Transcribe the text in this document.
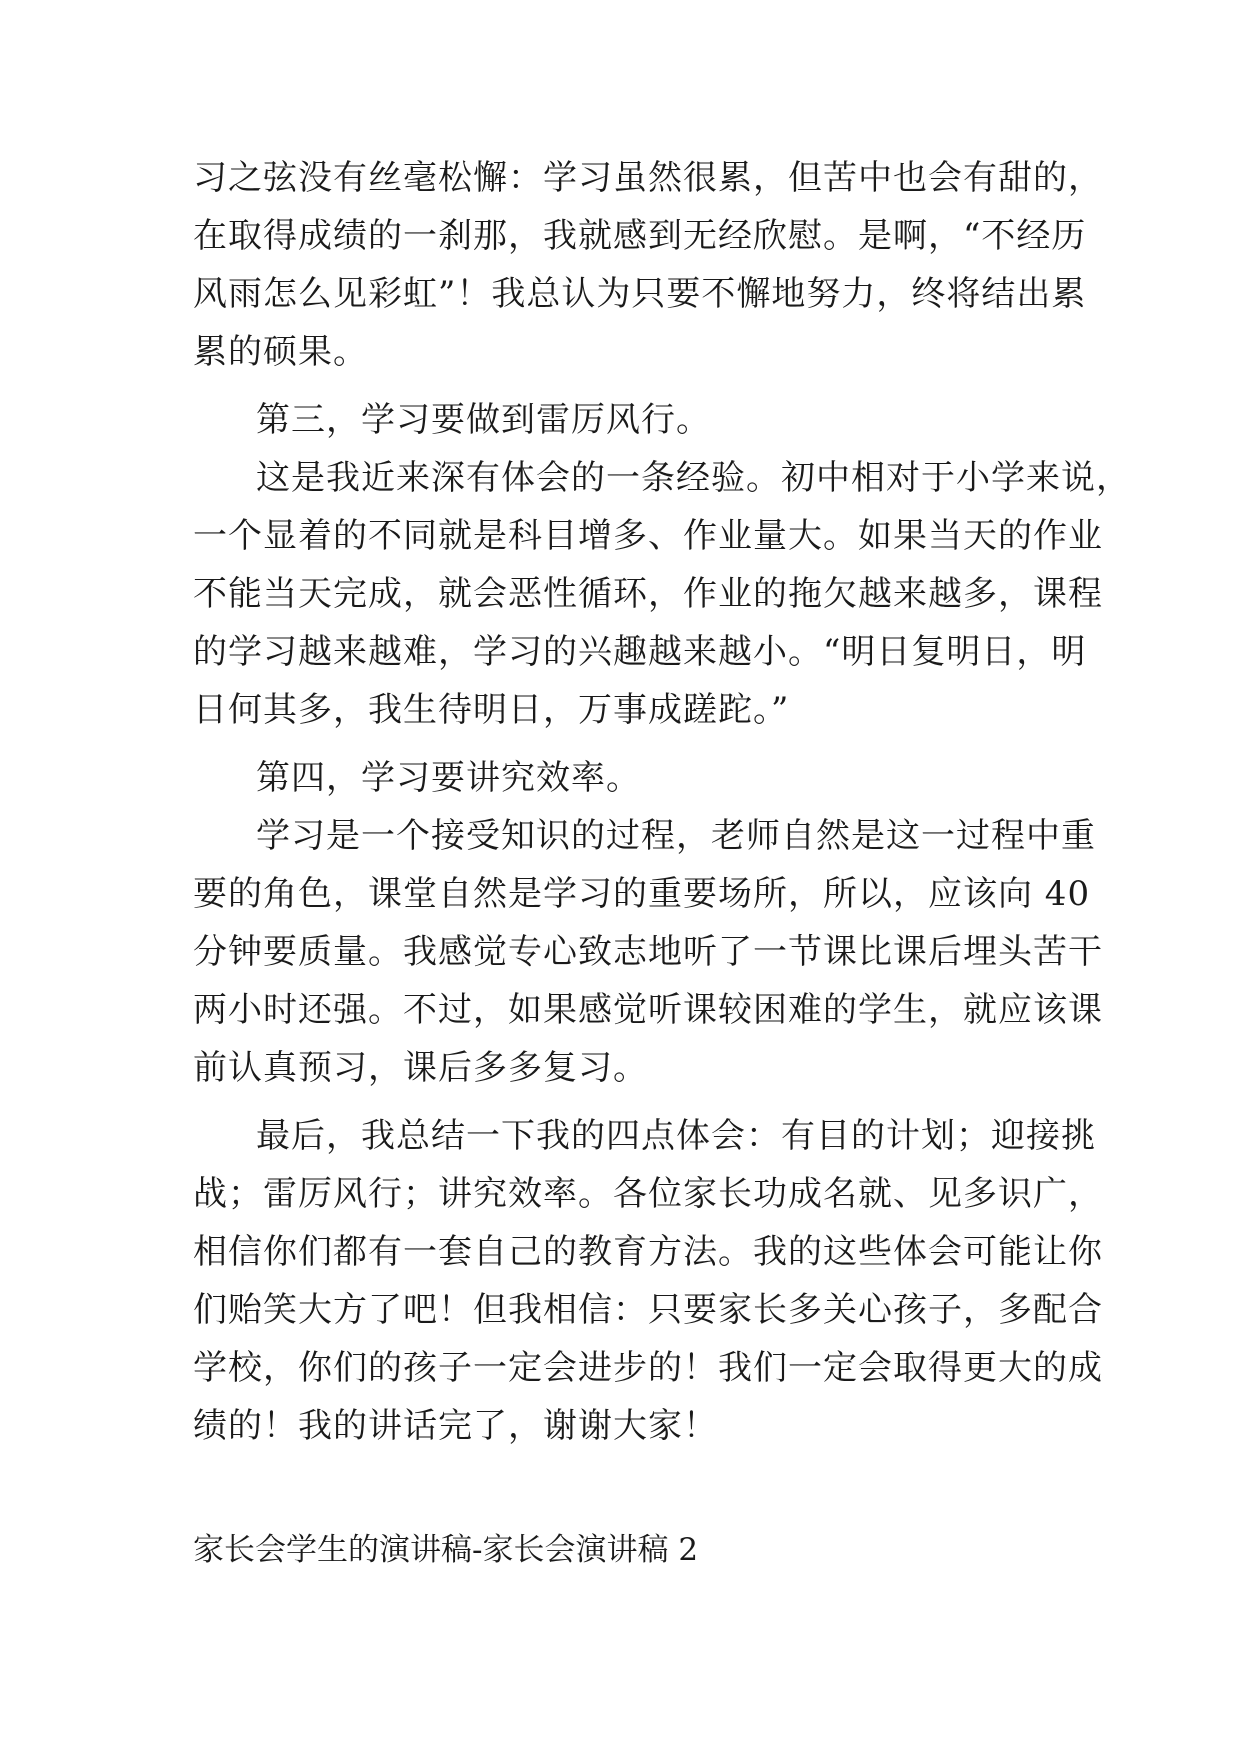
习之弦没有丝毫松懈：学习虽然很累，但苦中也会有甜的，
在取得成绩的一刹那，我就感到无经欣慰。是啊，“不经历
风雨怎么见彩虹”！我总认为只要不懈地努力，终将结出累
累的硕果。
第三，学习要做到雷厉风行。
这是我近来深有体会的一条经验。初中相对于小学来说，
一个显着的不同就是科目增多、作业量大。如果当天的作业
不能当天完成，就会恶性循环，作业的拖欠越来越多，课程
的学习越来越难，学习的兴趣越来越小。“明日复明日，明
日何其多，我生待明日，万事成蹉跎。”
第四，学习要讲究效率。
学习是一个接受知识的过程，老师自然是这一过程中重
要的角色，课堂自然是学习的重要场所，所以，应该向 40
分钟要质量。我感觉专心致志地听了一节课比课后埋头苦干
两小时还强。不过，如果感觉听课较困难的学生，就应该课
前认真预习，课后多多复习。
最后，我总结一下我的四点体会：有目的计划；迎接挑
战；雷厉风行；讲究效率。各位家长功成名就、见多识广，
相信你们都有一套自己的教育方法。我的这些体会可能让你
们贻笑大方了吧！但我相信：只要家长多关心孩子，多配合
学校，你们的孩子一定会进步的！我们一定会取得更大的成
绩的！我的讲话完了，谢谢大家！
家长会学生的演讲稿-家长会演讲稿 2
